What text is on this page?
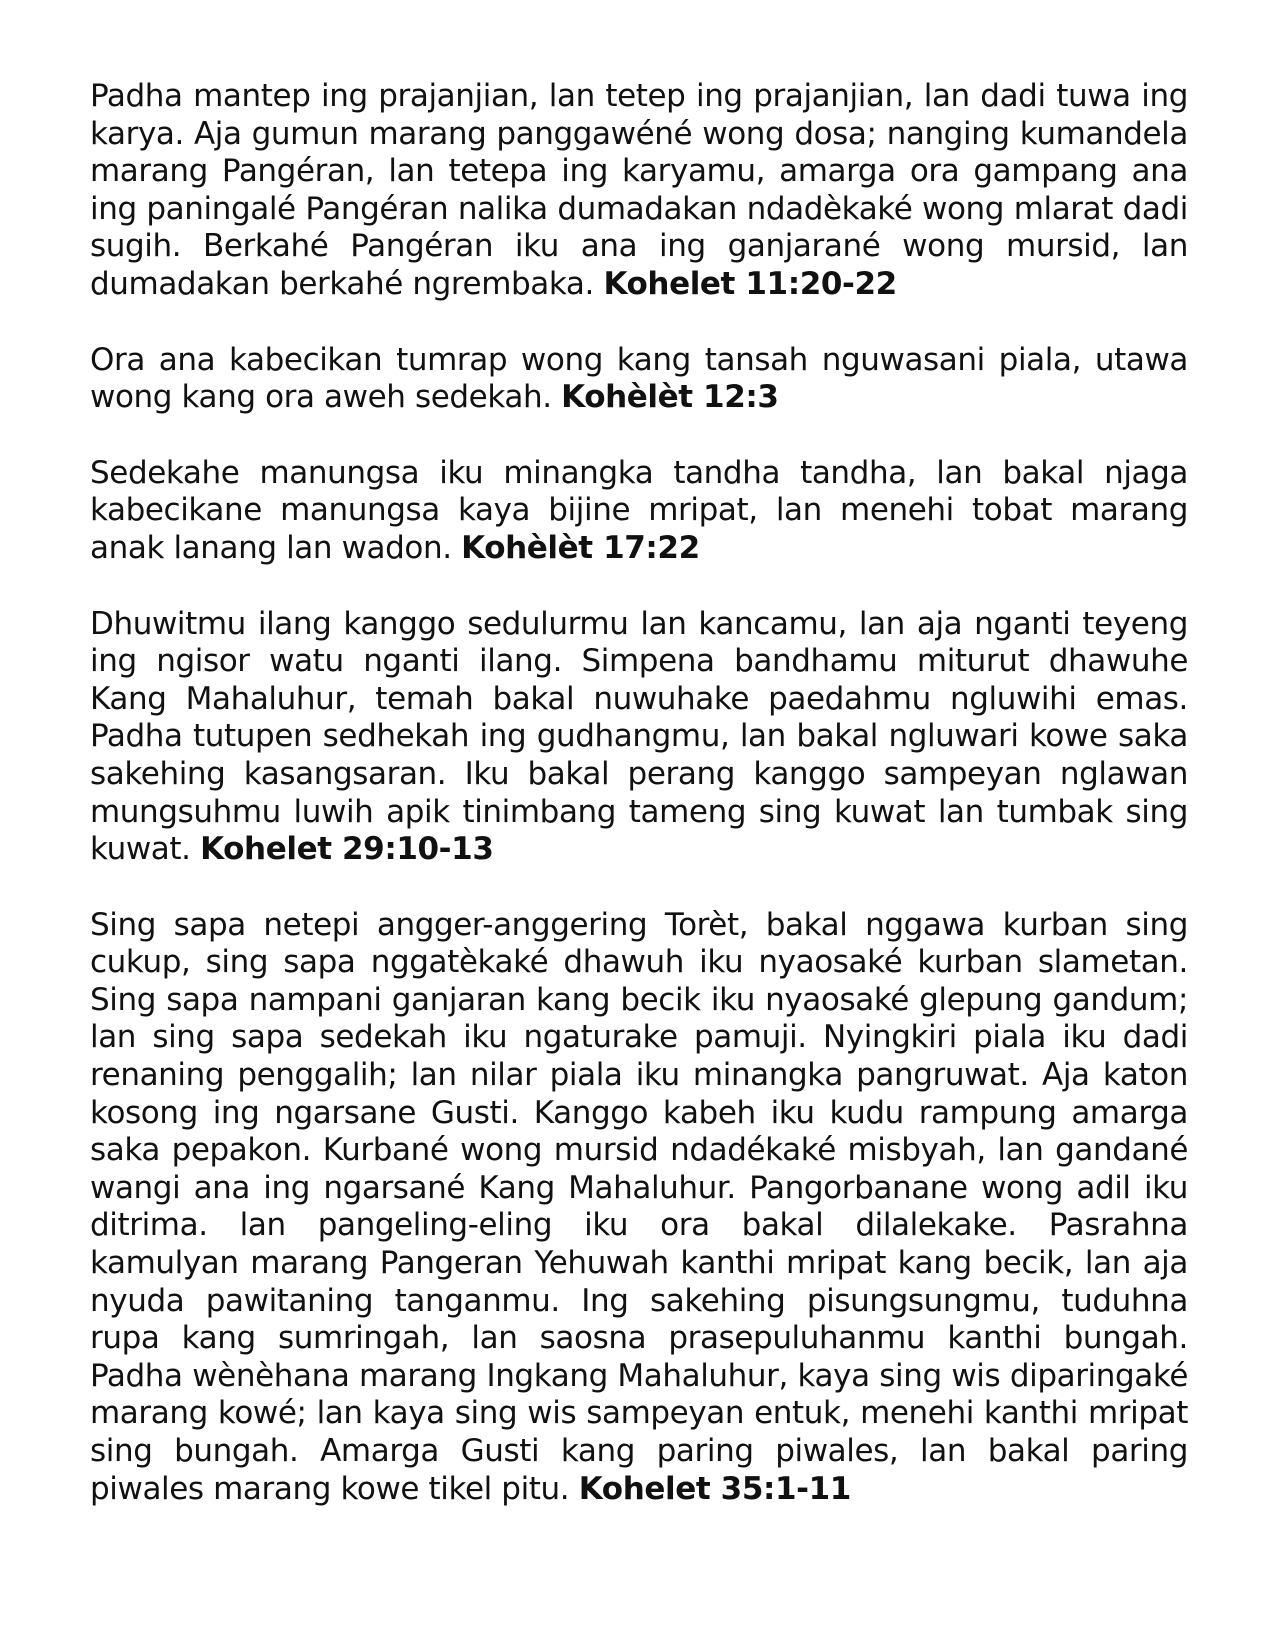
Padha mantep ing prajanjian, lan tetep ing prajanjian, lan dadi tuwa ing karya. Aja gumun marang panggawéné wong dosa; nanging kumandela marang Pangéran, lan tetepa ing karyamu, amarga ora gampang ana ing paningalé Pangéran nalika dumadakan ndadèkaké wong mlarat dadi sugih. Berkahé Pangéran iku ana ing ganjarané wong mursid, lan dumadakan berkahé ngrembaka. Kohelet 11:20-22

Ora ana kabecikan tumrap wong kang tansah nguwasani piala, utawa wong kang ora aweh sedekah. Kohèlèt 12:3

Sedekahe manungsa iku minangka tandha tandha, lan bakal njaga kabecikane manungsa kaya bijine mripat, lan menehi tobat marang anak lanang lan wadon. Kohèlèt 17:22

Dhuwitmu ilang kanggo sedulurmu lan kancamu, lan aja nganti teyeng ing ngisor watu nganti ilang. Simpena bandhamu miturut dhawuhe Kang Mahaluhur, temah bakal nuwuhake paedahmu ngluwihi emas. Padha tutupen sedhekah ing gudhangmu, lan bakal ngluwari kowe saka sakehing kasangsaran. Iku bakal perang kanggo sampeyan nglawan mungsuhmu luwih apik tinimbang tameng sing kuwat lan tumbak sing kuwat. Kohelet 29:10-13

Sing sapa netepi angger-anggering Torèt, bakal nggawa kurban sing cukup, sing sapa nggatèkaké dhawuh iku nyaosaké kurban slametan. Sing sapa nampani ganjaran kang becik iku nyaosaké glepung gandum; lan sing sapa sedekah iku ngaturake pamuji. Nyingkiri piala iku dadi renaning penggalih; lan nilar piala iku minangka pangruwat. Aja katon kosong ing ngarsane Gusti. Kanggo kabeh iku kudu rampung amarga saka pepakon. Kurbané wong mursid ndadékaké misbyah, lan gandané wangi ana ing ngarsané Kang Mahaluhur. Pangorbanane wong adil iku ditrima. lan pangeling-eling iku ora bakal dilalekake. Pasrahna kamulyan marang Pangeran Yehuwah kanthi mripat kang becik, lan aja nyuda pawitaning tanganmu. Ing sakehing pisungsungmu, tuduhna rupa kang sumringah, lan saosna prasepuluhanmu kanthi bungah. Padha wènèhana marang Ingkang Mahaluhur, kaya sing wis diparingaké marang kowé; lan kaya sing wis sampeyan entuk, menehi kanthi mripat sing bungah. Amarga Gusti kang paring piwales, lan bakal paring piwales marang kowe tikel pitu. Kohelet 35:1-11
